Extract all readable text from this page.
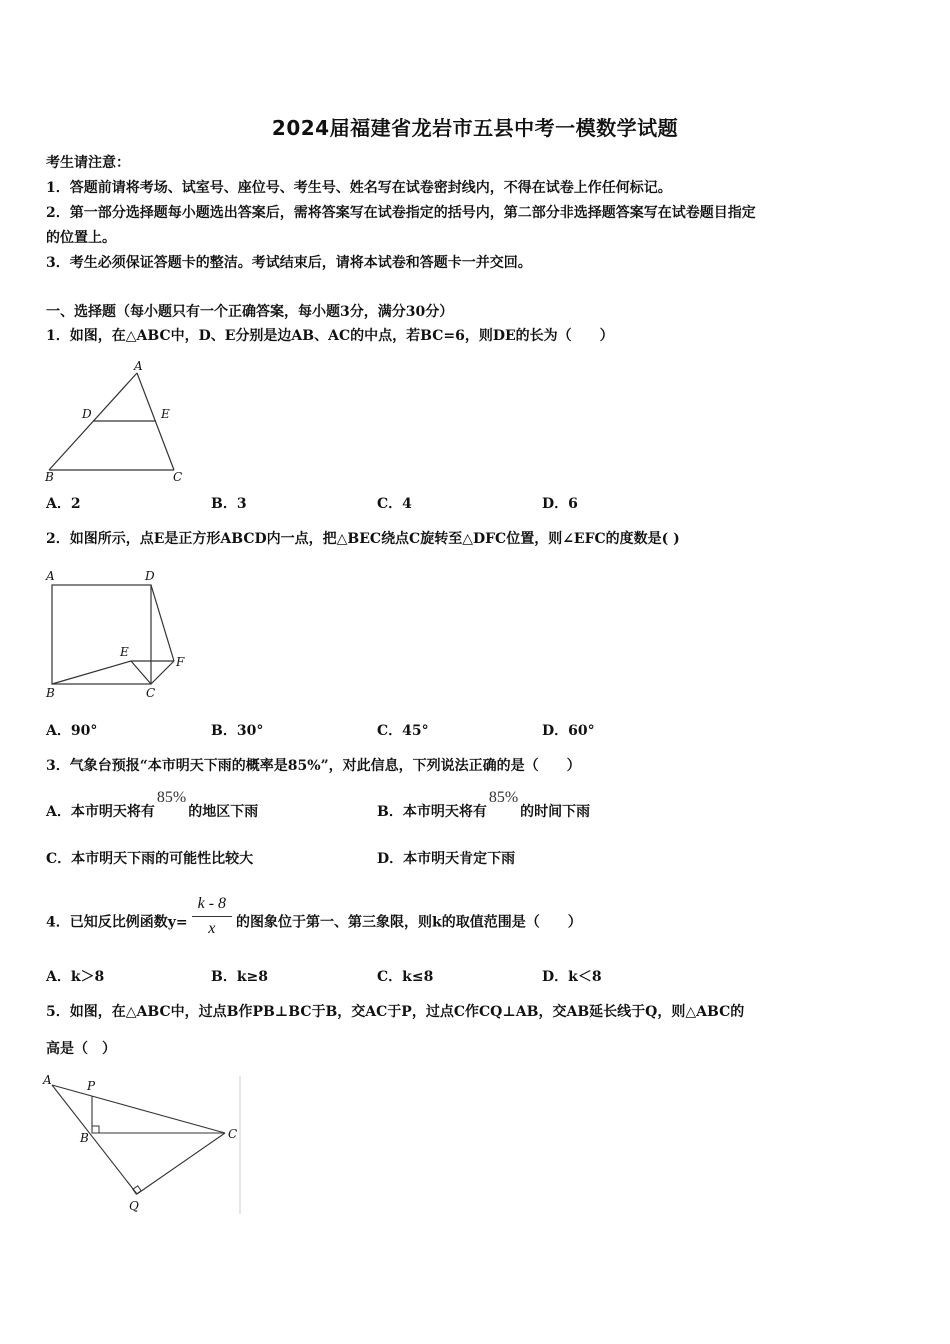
2024届福建省龙岩市五县中考一模数学试题
考生请注意：
1．答题前请将考场、试室号、座位号、考生号、姓名写在试卷密封线内，不得在试卷上作任何标记。
2．第一部分选择题每小题选出答案后，需将答案写在试卷指定的括号内，第二部分非选择题答案写在试卷题目指定
的位置上。
3．考生必须保证答题卡的整洁。考试结束后，请将本试卷和答题卡一并交回。
一、选择题（每小题只有一个正确答案，每小题3分，满分30分）
1．如图，在△ABC中，D、E分别是边AB、AC的中点，若BC=6，则DE的长为（　　）
A
D	E
B	C
A．2	B．3	C．4	D．6
2．如图所示，点E是正方形ABCD内一点，把△BEC绕点C旋转至△DFC位置，则∠EFC的度数是( )
A	D
E
F
B	C
A．90°	B．30°	C．45°	D．60°
3．气象台预报“本市明天下雨的概率是85%”，对此信息，下列说法正确的是（　　）
A．本市明天将有85%的地区下雨	B．本市明天将有85%的时间下雨
C．本市明天下雨的可能性比较大	D．本市明天肯定下雨
4．已知反比例函数$y= \frac{k - 8}{x}$ 的图象位于第一、第三象限，则k的取值范围是（　　）
A．k＞8	B．k≥8	C．k≤8	D．k＜8
5．如图，在△ABC中，过点B作PB⊥BC于B，交AC于P，过点C作CQ⊥AB，交AB延长线于Q，则△ABC的
高是（　）
A	P
B	C
Q
